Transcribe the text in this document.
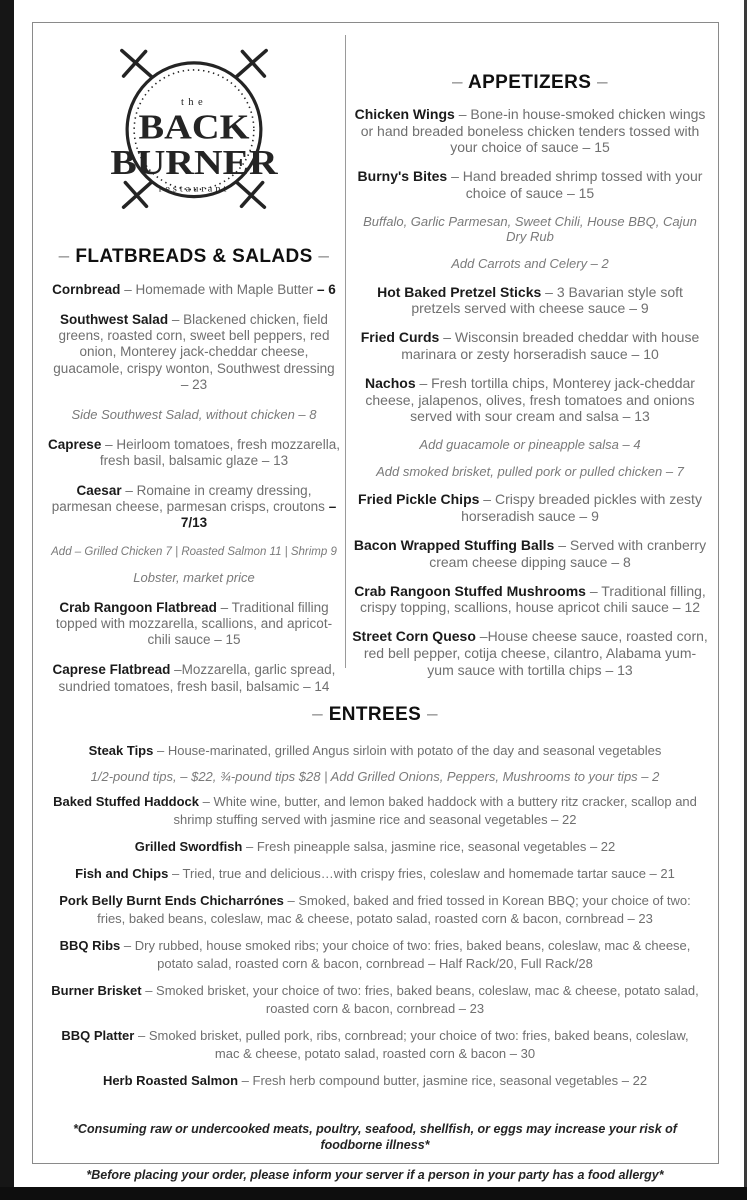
the
BACK
BURNER
restaurant
– FLATBREADS & SALADS –

Cornbread – Homemade with Maple Butter – 6

Southwest Salad – Blackened chicken, field greens, roasted corn, sweet bell peppers, red onion, Monterey jack-cheddar cheese, guacamole, crispy wonton, Southwest dressing – 23

Side Southwest Salad, without chicken – 8

Caprese – Heirloom tomatoes, fresh mozzarella, fresh basil, balsamic glaze – 13

Caesar – Romaine in creamy dressing, parmesan cheese, parmesan crisps, croutons – 7/13

Add – Grilled Chicken 7 | Roasted Salmon 11 | Shrimp 9

Lobster, market price

Crab Rangoon Flatbread – Traditional filling topped with mozzarella, scallions, and apricot-chili sauce – 15

Caprese Flatbread –Mozzarella, garlic spread, sundried tomatoes, fresh basil, balsamic – 14

– APPETIZERS –

Chicken Wings – Bone-in house-smoked chicken wings or hand breaded boneless chicken tenders tossed with your choice of sauce – 15

Burny's Bites – Hand breaded shrimp tossed with your choice of sauce – 15

Buffalo, Garlic Parmesan, Sweet Chili, House BBQ, Cajun Dry Rub

Add Carrots and Celery – 2

Hot Baked Pretzel Sticks – 3 Bavarian style soft pretzels served with cheese sauce – 9

Fried Curds – Wisconsin breaded cheddar with house marinara or zesty horseradish sauce – 10

Nachos – Fresh tortilla chips, Monterey jack-cheddar cheese, jalapenos, olives, fresh tomatoes and onions served with sour cream and salsa – 13

Add guacamole or pineapple salsa – 4

Add smoked brisket, pulled pork or pulled chicken – 7

Fried Pickle Chips – Crispy breaded pickles with zesty horseradish sauce – 9

Bacon Wrapped Stuffing Balls – Served with cranberry cream cheese dipping sauce – 8

Crab Rangoon Stuffed Mushrooms – Traditional filling, crispy topping, scallions, house apricot chili sauce – 12

Street Corn Queso –House cheese sauce, roasted corn, red bell pepper, cotija cheese, cilantro, Alabama yum-yum sauce with tortilla chips – 13

– ENTREES –

Steak Tips – House-marinated, grilled Angus sirloin with potato of the day and seasonal vegetables

1/2-pound tips, – $22, ¾-pound tips $28 | Add Grilled Onions, Peppers, Mushrooms to your tips – 2

Baked Stuffed Haddock – White wine, butter, and lemon baked haddock with a buttery ritz cracker, scallop and shrimp stuffing served with jasmine rice and seasonal vegetables – 22

Grilled Swordfish – Fresh pineapple salsa, jasmine rice, seasonal vegetables – 22

Fish and Chips – Tried, true and delicious…with crispy fries, coleslaw and homemade tartar sauce – 21

Pork Belly Burnt Ends Chicharrónes – Smoked, baked and fried tossed in Korean BBQ; your choice of two: fries, baked beans, coleslaw, mac & cheese, potato salad, roasted corn & bacon, cornbread – 23

BBQ Ribs – Dry rubbed, house smoked ribs; your choice of two: fries, baked beans, coleslaw, mac & cheese, potato salad, roasted corn & bacon, cornbread – Half Rack/20, Full Rack/28

Burner Brisket – Smoked brisket, your choice of two: fries, baked beans, coleslaw, mac & cheese, potato salad, roasted corn & bacon, cornbread – 23

BBQ Platter – Smoked brisket, pulled pork, ribs, cornbread; your choice of two: fries, baked beans, coleslaw, mac & cheese, potato salad, roasted corn & bacon – 30

Herb Roasted Salmon – Fresh herb compound butter, jasmine rice, seasonal vegetables – 22

*Consuming raw or undercooked meats, poultry, seafood, shellfish, or eggs may increase your risk of foodborne illness*

*Before placing your order, please inform your server if a person in your party has a food allergy*
